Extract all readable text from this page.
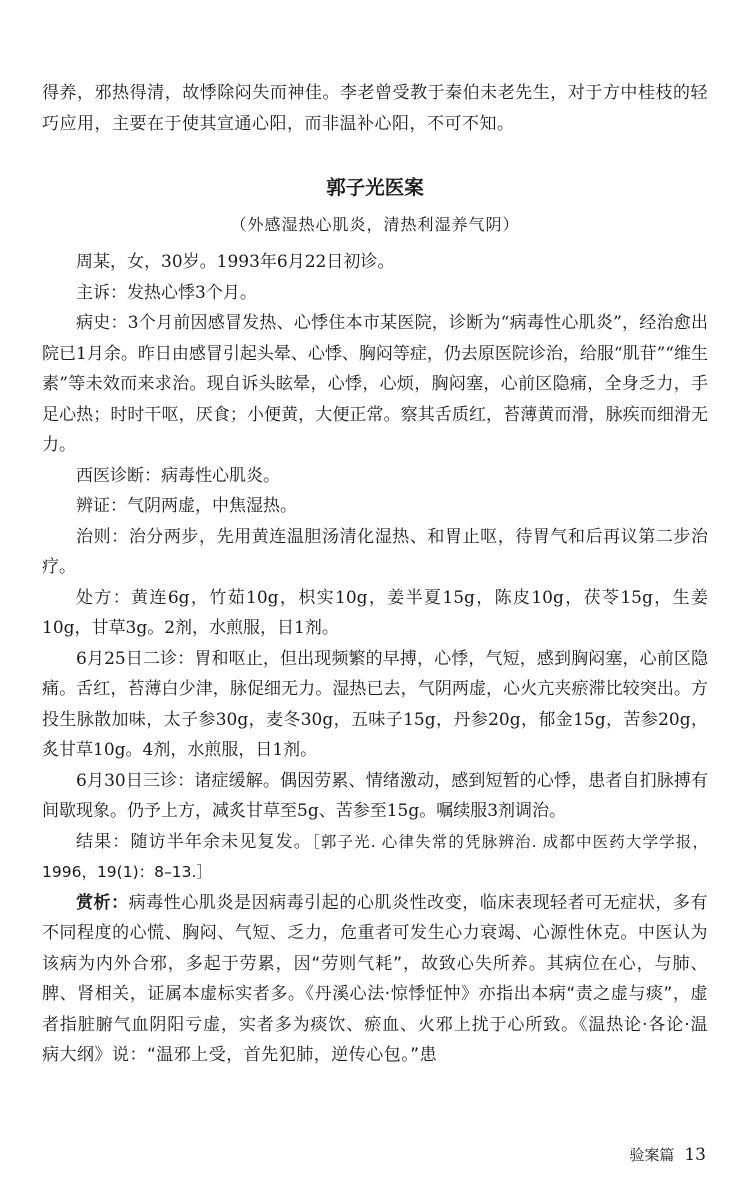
得养，邪热得清，故悸除闷失而神佳。李老曾受教于秦伯未老先生，对于方中桂枝的轻巧应用，主要在于使其宣通心阳，而非温补心阳，不可不知。

郭子光医案
（外感湿热心肌炎，清热利湿养气阴）

周某，女，30岁。1993年6月22日初诊。

主诉：发热心悸3个月。

病史：3个月前因感冒发热、心悸住本市某医院，诊断为“病毒性心肌炎”，经治愈出院已1月余。昨日由感冒引起头晕、心悸、胸闷等症，仍去原医院诊治，给服“肌苷”“维生素”等未效而来求治。现自诉头眩晕，心悸，心烦，胸闷塞，心前区隐痛，全身乏力，手足心热；时时干呕，厌食；小便黄，大便正常。察其舌质红，苔薄黄而滑，脉疾而细滑无力。

西医诊断：病毒性心肌炎。

辨证：气阴两虚，中焦湿热。

治则：治分两步，先用黄连温胆汤清化湿热、和胃止呕，待胃气和后再议第二步治疗。

处方：黄连6g，竹茹10g，枳实10g，姜半夏15g，陈皮10g，茯苓15g，生姜10g，甘草3g。2剂，水煎服，日1剂。

6月25日二诊：胃和呕止，但出现频繁的早搏，心悸，气短，感到胸闷塞，心前区隐痛。舌红，苔薄白少津，脉促细无力。湿热已去，气阴两虚，心火亢夹瘀滞比较突出。方投生脉散加味，太子参30g，麦冬30g，五味子15g，丹参20g，郁金15g，苦参20g，炙甘草10g。4剂，水煎服，日1剂。

6月30日三诊：诸症缓解。偶因劳累、情绪激动，感到短暂的心悸，患者自扪脉搏有间歇现象。仍予上方，减炙甘草至5g、苦参至15g。嘱续服3剂调治。

结果：随访半年余未见复发。［郭子光. 心律失常的凭脉辨治. 成都中医药大学学报，1996，19(1)：8–13.］

赏析：病毒性心肌炎是因病毒引起的心肌炎性改变，临床表现轻者可无症状，多有不同程度的心慌、胸闷、气短、乏力，危重者可发生心力衰竭、心源性休克。中医认为该病为内外合邪，多起于劳累，因“劳则气耗”，故致心失所养。其病位在心，与肺、脾、肾相关，证属本虚标实者多。《丹溪心法·惊悸怔忡》亦指出本病“责之虚与痰”，虚者指脏腑气血阴阳亏虚，实者多为痰饮、瘀血、火邪上扰于心所致。《温热论·各论·温病大纲》说：“温邪上受，首先犯肺，逆传心包。”患

验案篇 13
